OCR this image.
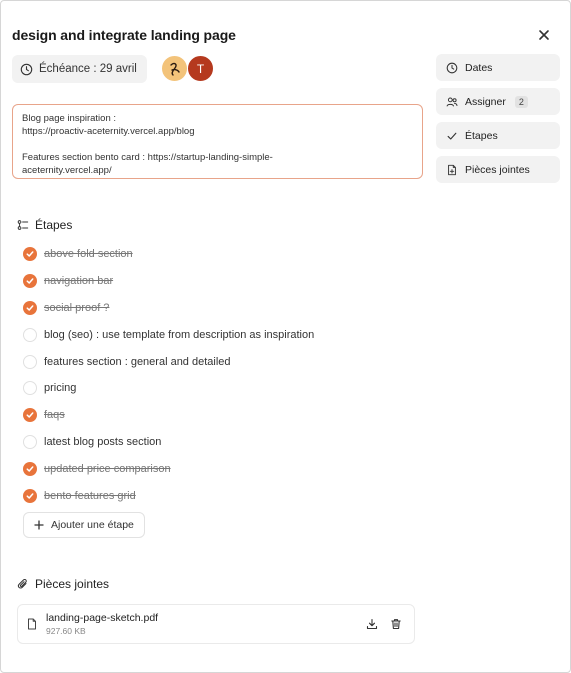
design and integrate landing page
Échéance : 29 avril	T
Blog page inspiration :
https://proactiv-aceternity.vercel.app/blog

Features section bento card : https://startup-landing-simple-
aceternity.vercel.app/
Dates
Assigner	2
Étapes
Pièces jointes
Étapes
above fold section
navigation bar
social proof ?
blog (seo) : use template from description as inspiration
features section : general and detailed
pricing
faqs
latest blog posts section
updated price comparison
bento features grid
Ajouter une étape
Pièces jointes
landing-page-sketch.pdf
927.60 KB
